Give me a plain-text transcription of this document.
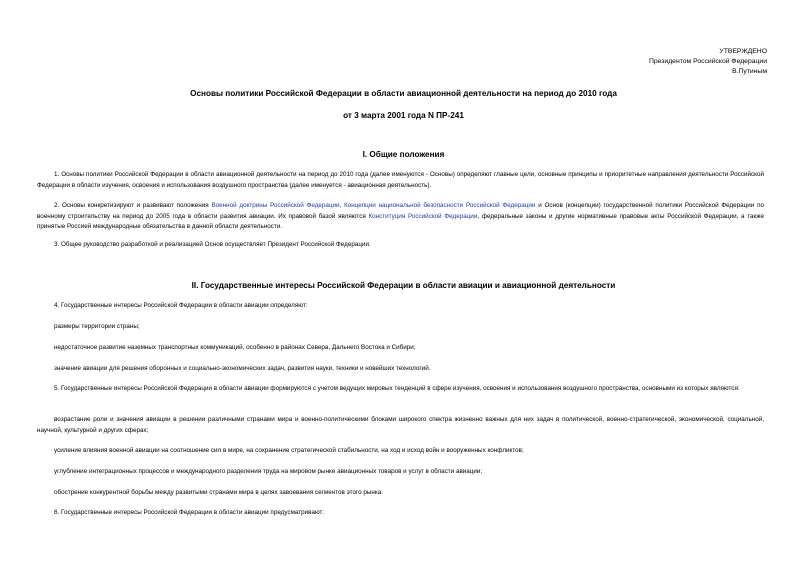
УТВЕРЖДЕНО
Президентом Российской Федерации
В.Путиным
Основы политики Российской Федерации в области авиационной деятельности на период до 2010 года
от 3 марта 2001 года N ПР-241
I. Общие положения
1. Основы политики Российской Федерации в области авиационной деятельности на период до 2010 года (далее именуются - Основы) определяют главные цели, основные принципы и приоритетные направления деятельности Российской Федерации в области изучения, освоения и использования воздушного пространства (далее именуется - авиационная деятельность).
2. Основы конкретизируют и развивают положения Военной доктрины Российской Федерации, Концепции национальной безопасности Российской Федерации и Основ (концепции) государственной политики Российской Федерации по военному строительству на период до 2005 года в области развития авиации. Их правовой базой являются Конституция Российской Федерации, федеральные законы и другие нормативные правовые акты Российской Федерации, а также принятые Россией международные обязательства в данной области деятельности.
3. Общее руководство разработкой и реализацией Основ осуществляет Президент Российской Федерации.
II. Государственные интересы Российской Федерации в области авиации и авиационной деятельности
4. Государственные интересы Российской Федерации в области авиации определяют:
размеры территории страны;
недостаточное развитие наземных транспортных коммуникаций, особенно в районах Севера, Дальнего Востока и Сибири;
значение авиации для решения оборонных и социально-экономических задач, развития науки, техники и новейших технологий.
5. Государственные интересы Российской Федерации в области авиации формируются с учетом ведущих мировых тенденций в сфере изучения, освоения и использования воздушного пространства, основными из которых являются:
возрастание роли и значения авиации в решении различными странами мира и военно-политическими блоками широкого спектра жизненно важных для них задач в политической, военно-стратегической, экономической, социальной, научной, культурной и других сферах;
усиление влияния военной авиации на соотношение сил в мире, на сохранение стратегической стабильности, на ход и исход войн и вооруженных конфликтов;
углубление интеграционных процессов и международного разделения труда на мировом рынке авиационных товаров и услуг в области авиации;
обострение конкурентной борьбы между развитыми странами мира в целях завоевания сегментов этого рынка.
6. Государственные интересы Российской Федерации в области авиации предусматривают:
